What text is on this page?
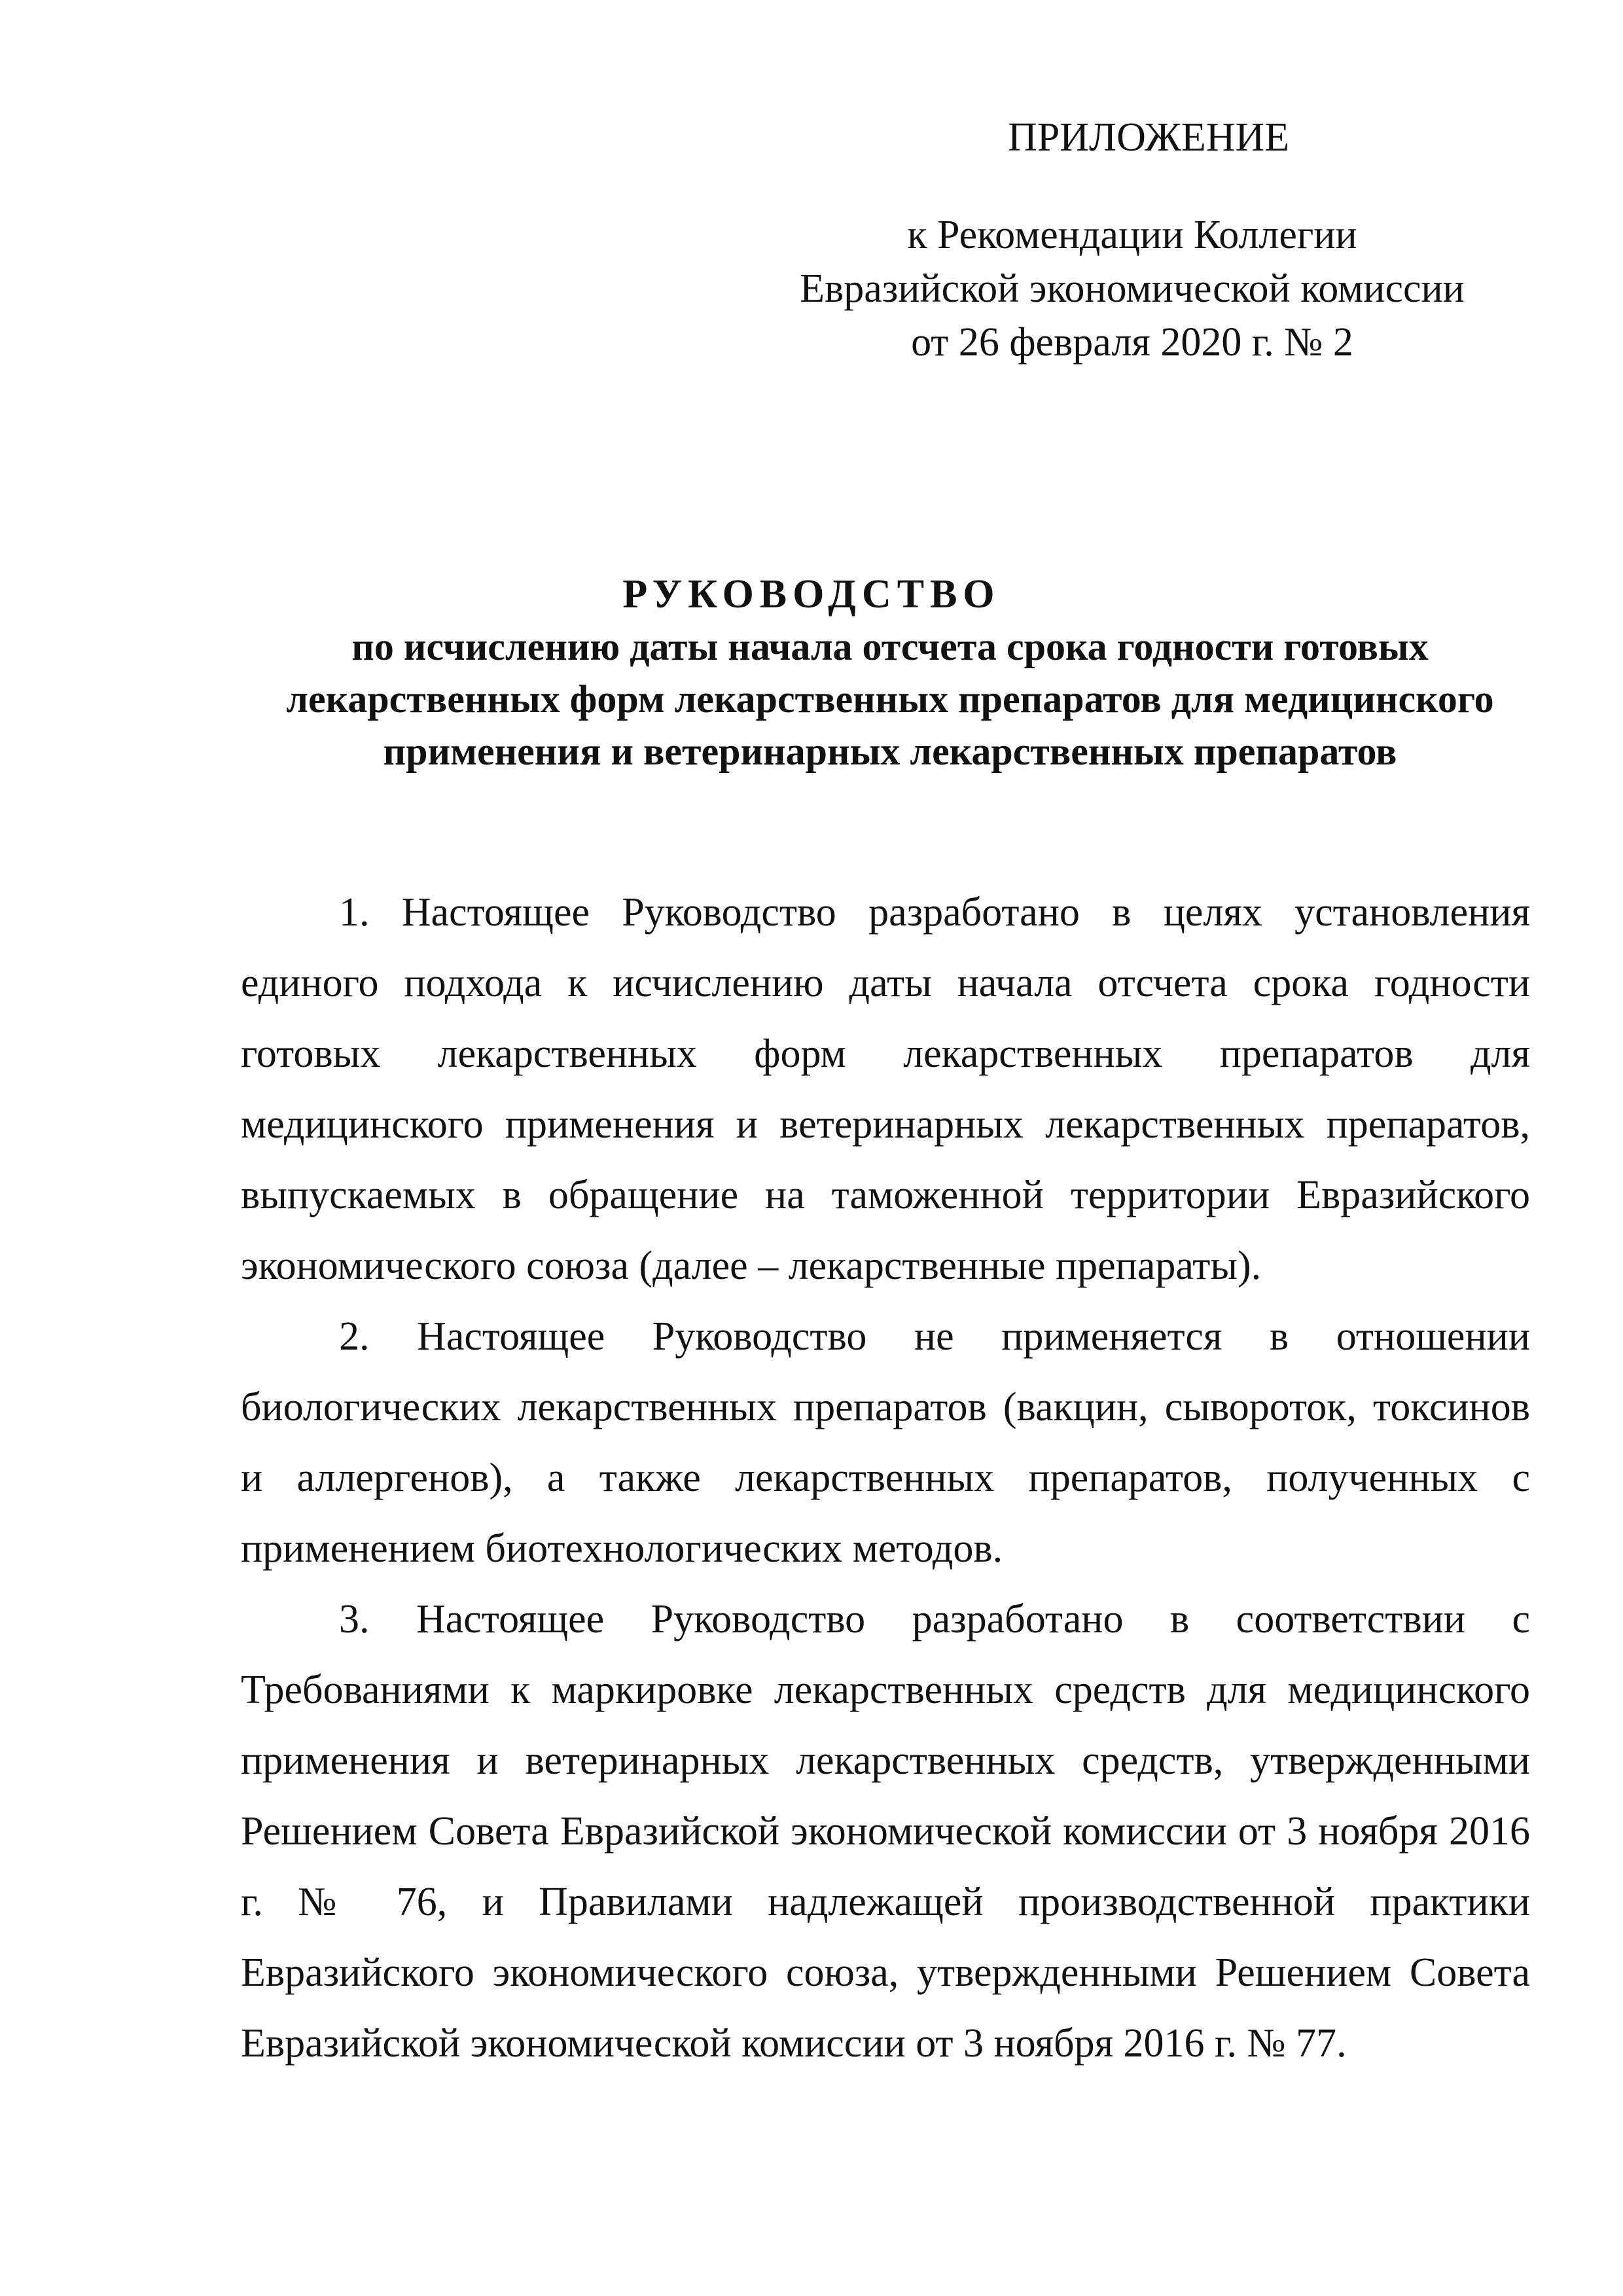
ПРИЛОЖЕНИЕ
к Рекомендации Коллегии
Евразийской экономической комиссии
от 26 февраля 2020 г. № 2
РУКОВОДСТВО
по исчислению даты начала отсчета срока годности готовых
лекарственных форм лекарственных препаратов для медицинского
применения и ветеринарных лекарственных препаратов

1. Настоящее Руководство разработано в целях установления единого подхода к исчислению даты начала отсчета срока годности готовых лекарственных форм лекарственных препаратов для медицинского применения и ветеринарных лекарственных препаратов, выпускаемых в обращение на таможенной территории Евразийского экономического союза (далее – лекарственные препараты).

2. Настоящее Руководство не применяется в отношении биологических лекарственных препаратов (вакцин, сывороток, токсинов и аллергенов), а также лекарственных препаратов, полученных с применением биотехнологических методов.

3. Настоящее Руководство разработано в соответствии с Требованиями к маркировке лекарственных средств для медицинского применения и ветеринарных лекарственных средств, утвержденными Решением Совета Евразийской экономической комиссии от 3 ноября 2016 г. № 76, и Правилами надлежащей производственной практики Евразийского экономического союза, утвержденными Решением Совета Евразийской экономической комиссии от 3 ноября 2016 г. № 77.
